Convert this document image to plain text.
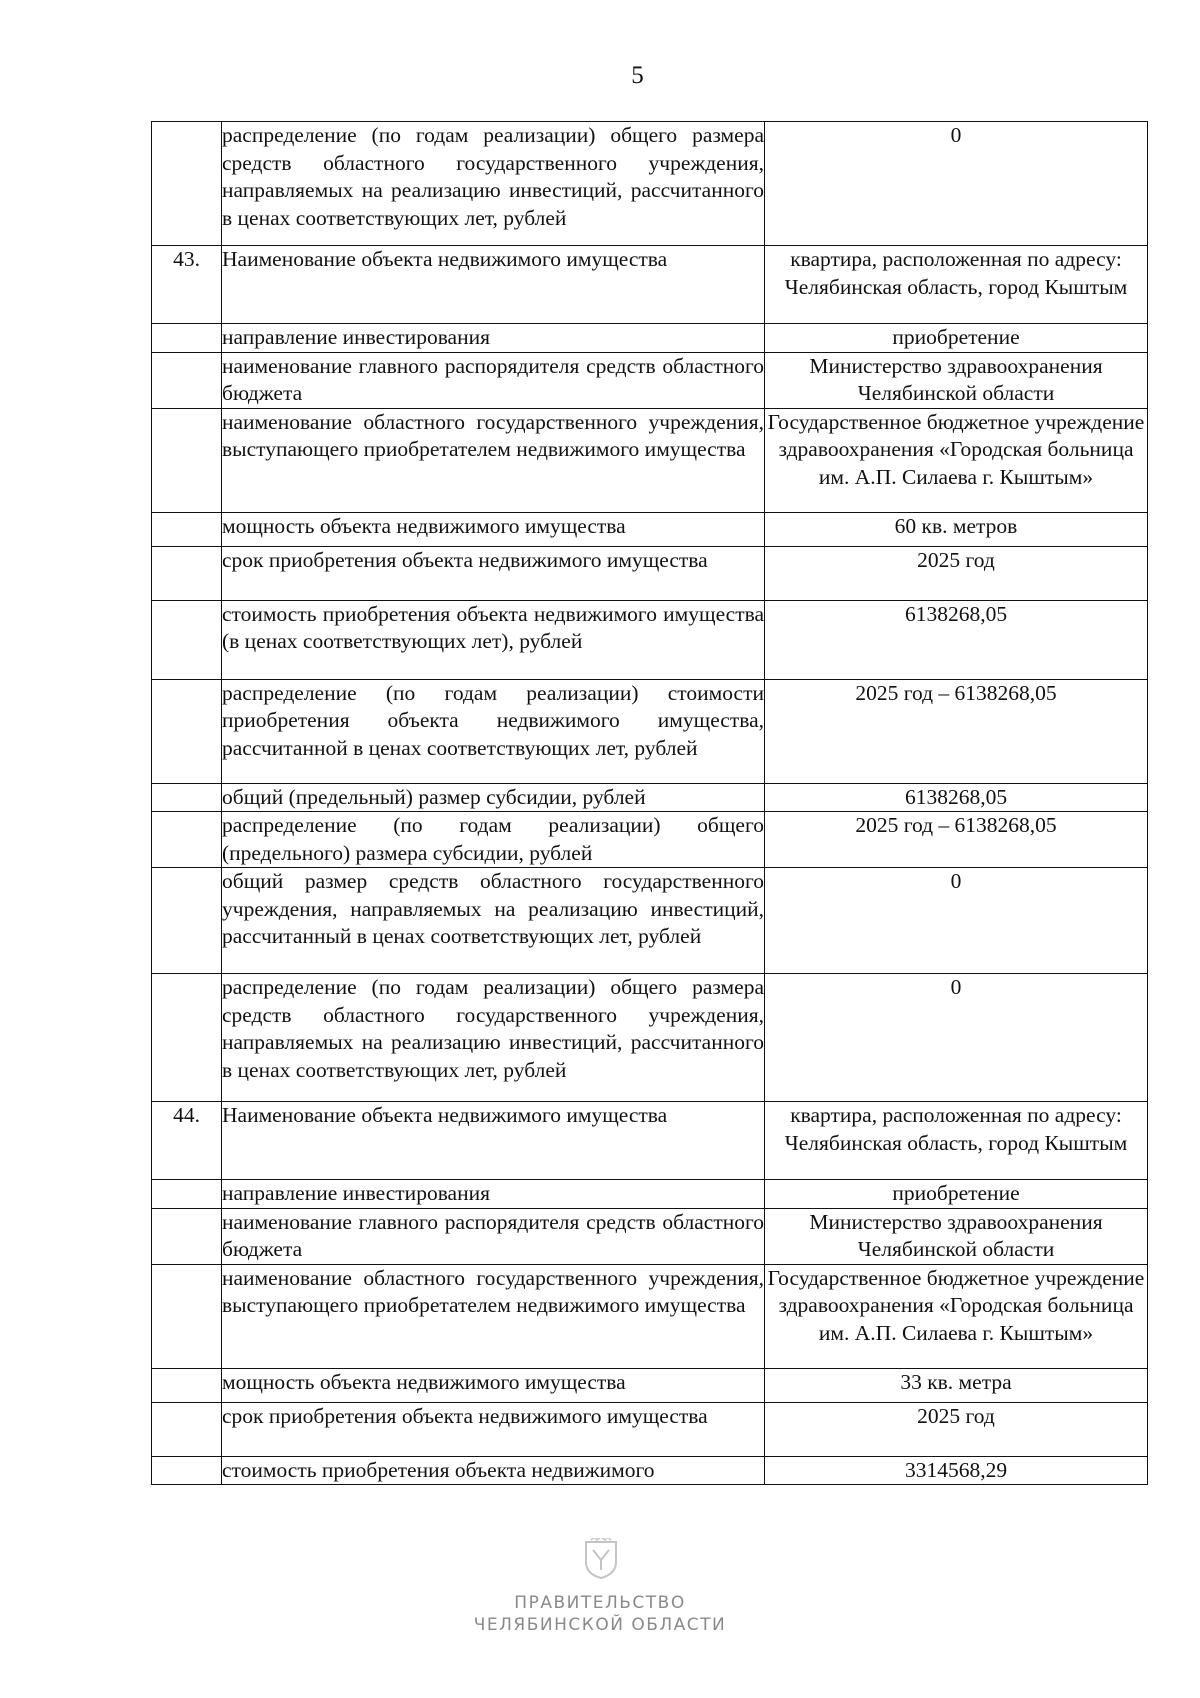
5
	распределение (по годам реализации) общего размера средств областного государственного учреждения, направляемых на реализацию инвестиций, рассчитанного в ценах соответствующих лет, рублей	0
43.	Наименование объекта недвижимого имущества	квартира, расположенная по адресу: Челябинская область, город Кыштым
	направление инвестирования	приобретение
	наименование главного распорядителя средств областного бюджета	Министерство здравоохранения Челябинской области
	наименование областного государственного учреждения, выступающего приобретателем недвижимого имущества	Государственное бюджетное учреждение здравоохранения «Городская больница им. А.П. Силаева г. Кыштым»
	мощность объекта недвижимого имущества	60 кв. метров
	срок приобретения объекта недвижимого имущества	2025 год
	стоимость приобретения объекта недвижимого имущества (в ценах соответствующих лет), рублей	6138268,05
	распределение (по годам реализации) стоимости приобретения объекта недвижимого имущества, рассчитанной в ценах соответствующих лет, рублей	2025 год – 6138268,05
	общий (предельный) размер субсидии, рублей	6138268,05
	распределение (по годам реализации) общего (предельного) размера субсидии, рублей	2025 год – 6138268,05
	общий размер средств областного государственного учреждения, направляемых на реализацию инвестиций, рассчитанный в ценах соответствующих лет, рублей	0
	распределение (по годам реализации) общего размера средств областного государственного учреждения, направляемых на реализацию инвестиций, рассчитанного в ценах соответствующих лет, рублей	0
44.	Наименование объекта недвижимого имущества	квартира, расположенная по адресу: Челябинская область, город Кыштым
	направление инвестирования	приобретение
	наименование главного распорядителя средств областного бюджета	Министерство здравоохранения Челябинской области
	наименование областного государственного учреждения, выступающего приобретателем недвижимого имущества	Государственное бюджетное учреждение здравоохранения «Городская больница им. А.П. Силаева г. Кыштым»
	мощность объекта недвижимого имущества	33 кв. метра
	срок приобретения объекта недвижимого имущества	2025 год
	стоимость приобретения объекта недвижимого	3314568,29
ПРАВИТЕЛЬСТВО
ЧЕЛЯБИНСКОЙ ОБЛАСТИ
